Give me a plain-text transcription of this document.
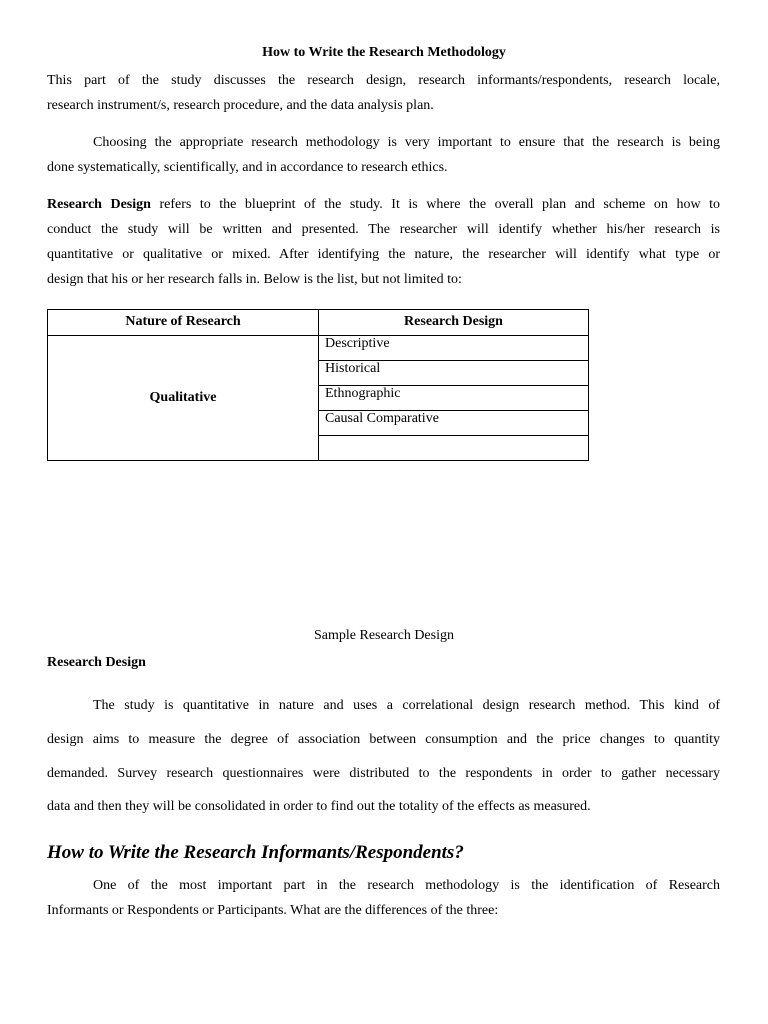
How to Write the Research Methodology
This part of the study discusses the research design, research informants/respondents, research locale,
research instrument/s, research procedure, and the data analysis plan.
Choosing the appropriate research methodology is very important to ensure that the research is being
done systematically, scientifically, and in accordance to research ethics.
Research Design refers to the blueprint of the study. It is where the overall plan and scheme on how to
conduct the study will be written and presented. The researcher will identify whether his/her research is
quantitative or qualitative or mixed. After identifying the nature, the researcher will identify what type or
design that his or her research falls in. Below is the list, but not limited to:
Nature of Research	Research Design
Qualitative	Descriptive
	Historical
	Ethnographic
	Causal Comparative

Sample Research Design
Research Design
The study is quantitative in nature and uses a correlational design research method. This kind of
design aims to measure the degree of association between consumption and the price changes to quantity
demanded. Survey research questionnaires were distributed to the respondents in order to gather necessary
data and then they will be consolidated in order to find out the totality of the effects as measured.
How to Write the Research Informants/Respondents?
One of the most important part in the research methodology is the identification of Research
Informants or Respondents or Participants. What are the differences of the three:
